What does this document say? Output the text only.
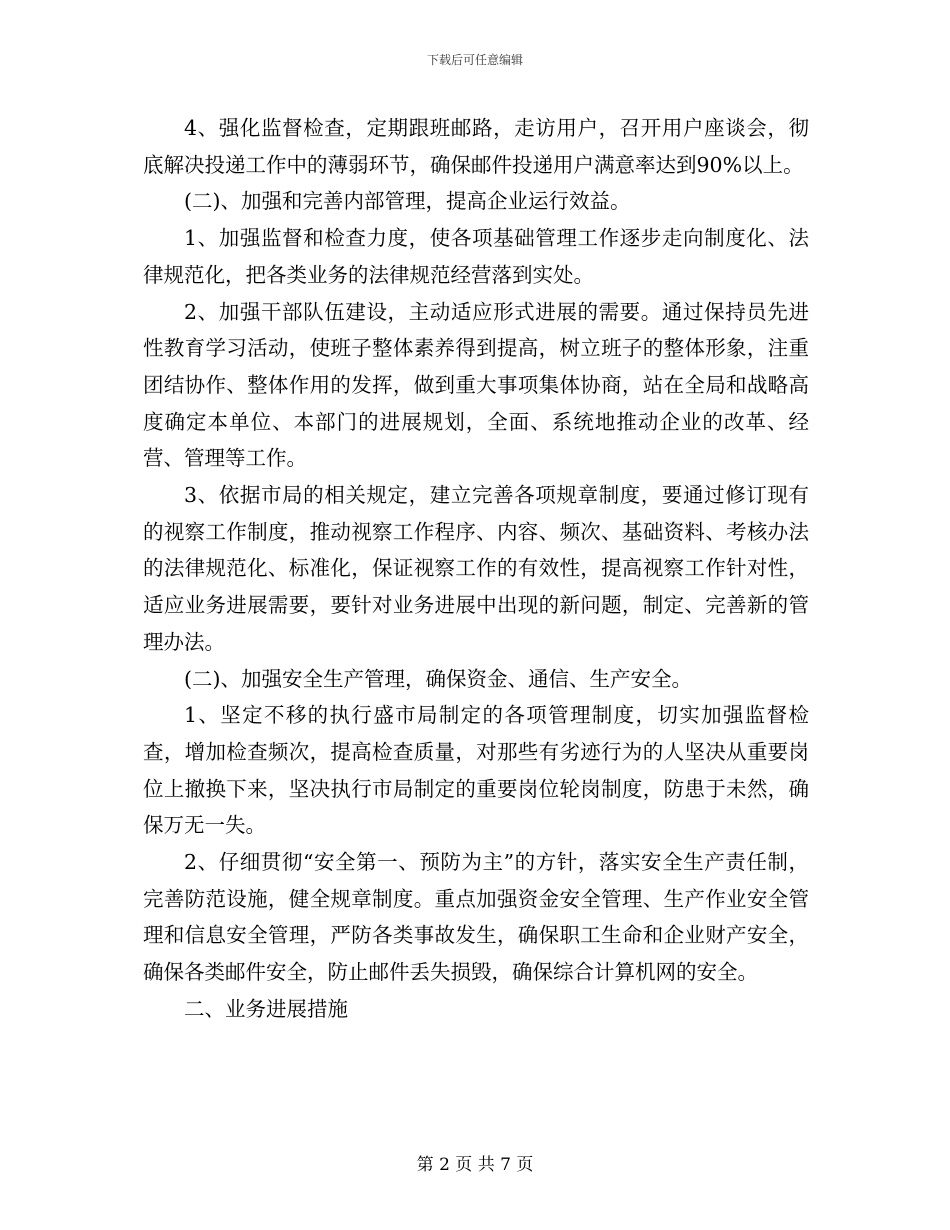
下载后可任意编辑

4、强化监督检查，定期跟班邮路，走访用户，召开用户座谈会，彻底解决投递工作中的薄弱环节，确保邮件投递用户满意率达到90%以上。

(二)、加强和完善内部管理，提高企业运行效益。

1、加强监督和检查力度，使各项基础管理工作逐步走向制度化、法律规范化，把各类业务的法律规范经营落到实处。

2、加强干部队伍建设，主动适应形式进展的需要。通过保持员先进性教育学习活动，使班子整体素养得到提高，树立班子的整体形象，注重团结协作、整体作用的发挥，做到重大事项集体协商，站在全局和战略高度确定本单位、本部门的进展规划，全面、系统地推动企业的改革、经营、管理等工作。

3、依据市局的相关规定，建立完善各项规章制度，要通过修订现有的视察工作制度，推动视察工作程序、内容、频次、基础资料、考核办法的法律规范化、标准化，保证视察工作的有效性，提高视察工作针对性，适应业务进展需要，要针对业务进展中出现的新问题，制定、完善新的管理办法。

(二)、加强安全生产管理，确保资金、通信、生产安全。

1、坚定不移的执行盛市局制定的各项管理制度，切实加强监督检查，增加检查频次，提高检查质量，对那些有劣迹行为的人坚决从重要岗位上撤换下来，坚决执行市局制定的重要岗位轮岗制度，防患于未然，确保万无一失。

2、仔细贯彻“安全第一、预防为主”的方针，落实安全生产责任制，完善防范设施，健全规章制度。重点加强资金安全管理、生产作业安全管理和信息安全管理，严防各类事故发生，确保职工生命和企业财产安全，确保各类邮件安全，防止邮件丢失损毁，确保综合计算机网的安全。

二、业务进展措施

第 2 页 共 7 页
